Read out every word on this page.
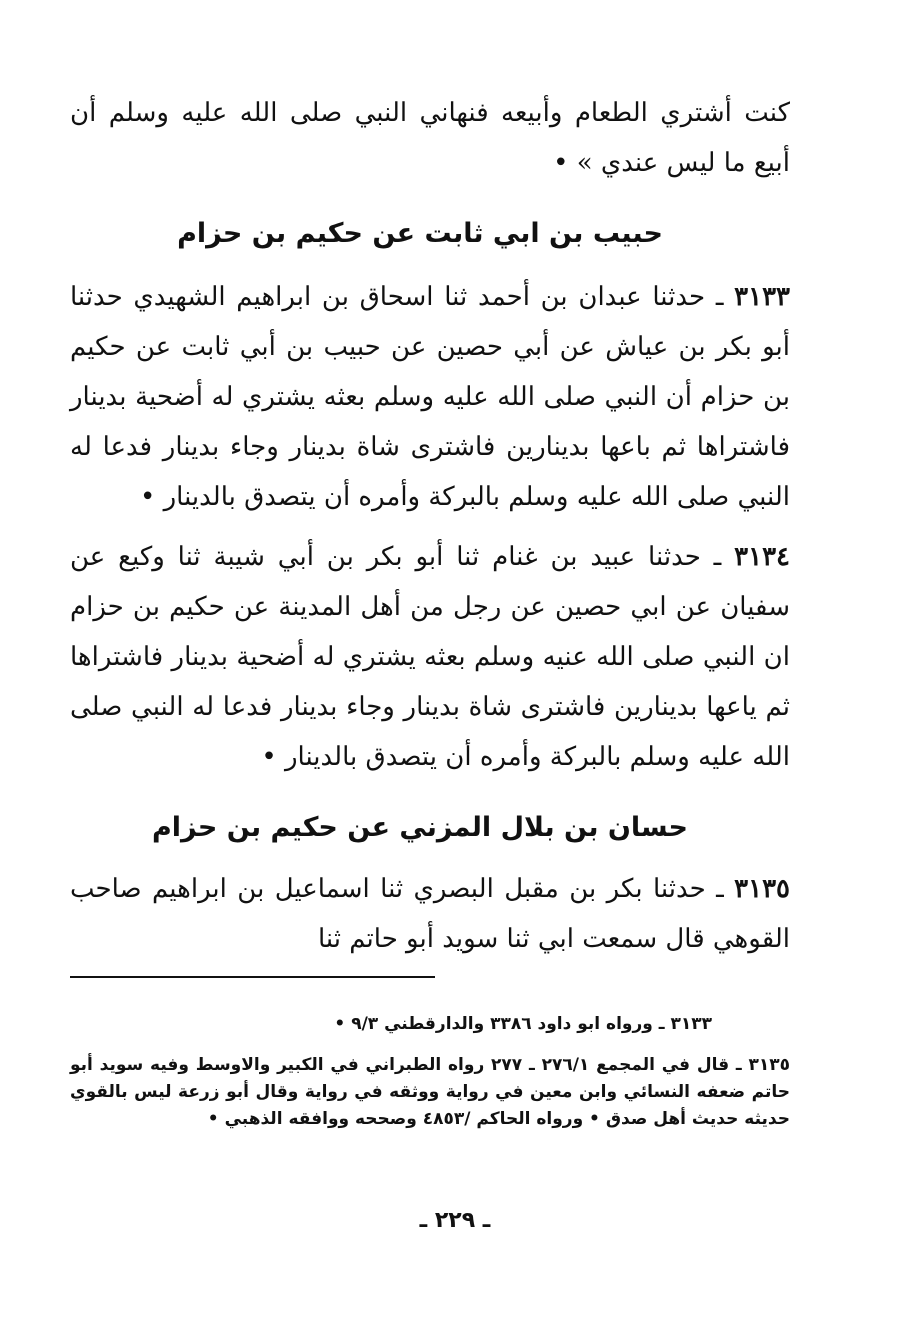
كنت أشتري الطعام وأبيعه فنهاني النبي صلى الله عليه وسلم أن أبيع ما ليس عندي » •

حبيب بن ابي ثابت عن حكيم بن حزام

٣١٣٣ ـ حدثنا عبدان بن أحمد ثنا اسحاق بن ابراهيم الشهيدي حدثنا أبو بكر بن عياش عن أبي حصين عن حبيب بن أبي ثابت عن حكيم بن حزام أن النبي صلى الله عليه وسلم بعثه يشتري له أضحية بدينار فاشتراها ثم باعها بدينارين فاشترى شاة بدينار وجاء بدينار فدعا له النبي صلى الله عليه وسلم بالبركة وأمره أن يتصدق بالدينار •

٣١٣٤ ـ حدثنا عبيد بن غنام ثنا أبو بكر بن أبي شيبة ثنا وكيع عن سفيان عن ابي حصين عن رجل من أهل المدينة عن حكيم بن حزام ان النبي صلى الله عنيه وسلم بعثه يشتري له أضحية بدينار فاشتراها ثم ياعها بدينارين فاشترى شاة بدينار وجاء بدينار فدعا له النبي صلى الله عليه وسلم بالبركة وأمره أن يتصدق بالدينار •

حسان بن بلال المزني عن حكيم بن حزام

٣١٣٥ ـ حدثنا بكر بن مقبل البصري ثنا اسماعيل بن ابراهيم صاحب القوهي قال سمعت ابي ثنا سويد أبو حاتم ثنا

٣١٣٣ ـ ورواه ابو داود ٣٣٨٦ والدارقطني ٩/٣ •

٣١٣٥ ـ قال في المجمع ٢٧٦/١ ـ ٢٧٧ رواه الطبراني في الكبير والاوسط وفيه سويد أبو حاتم ضعفه النسائي وابن معين في رواية ووثقه في رواية وقال أبو زرعة ليس بالقوي حديثه حديث أهل صدق • ورواه الحاكم /٤٨٥٣ وصححه ووافقه الذهبي •

ـ ٢٢٩ ـ
